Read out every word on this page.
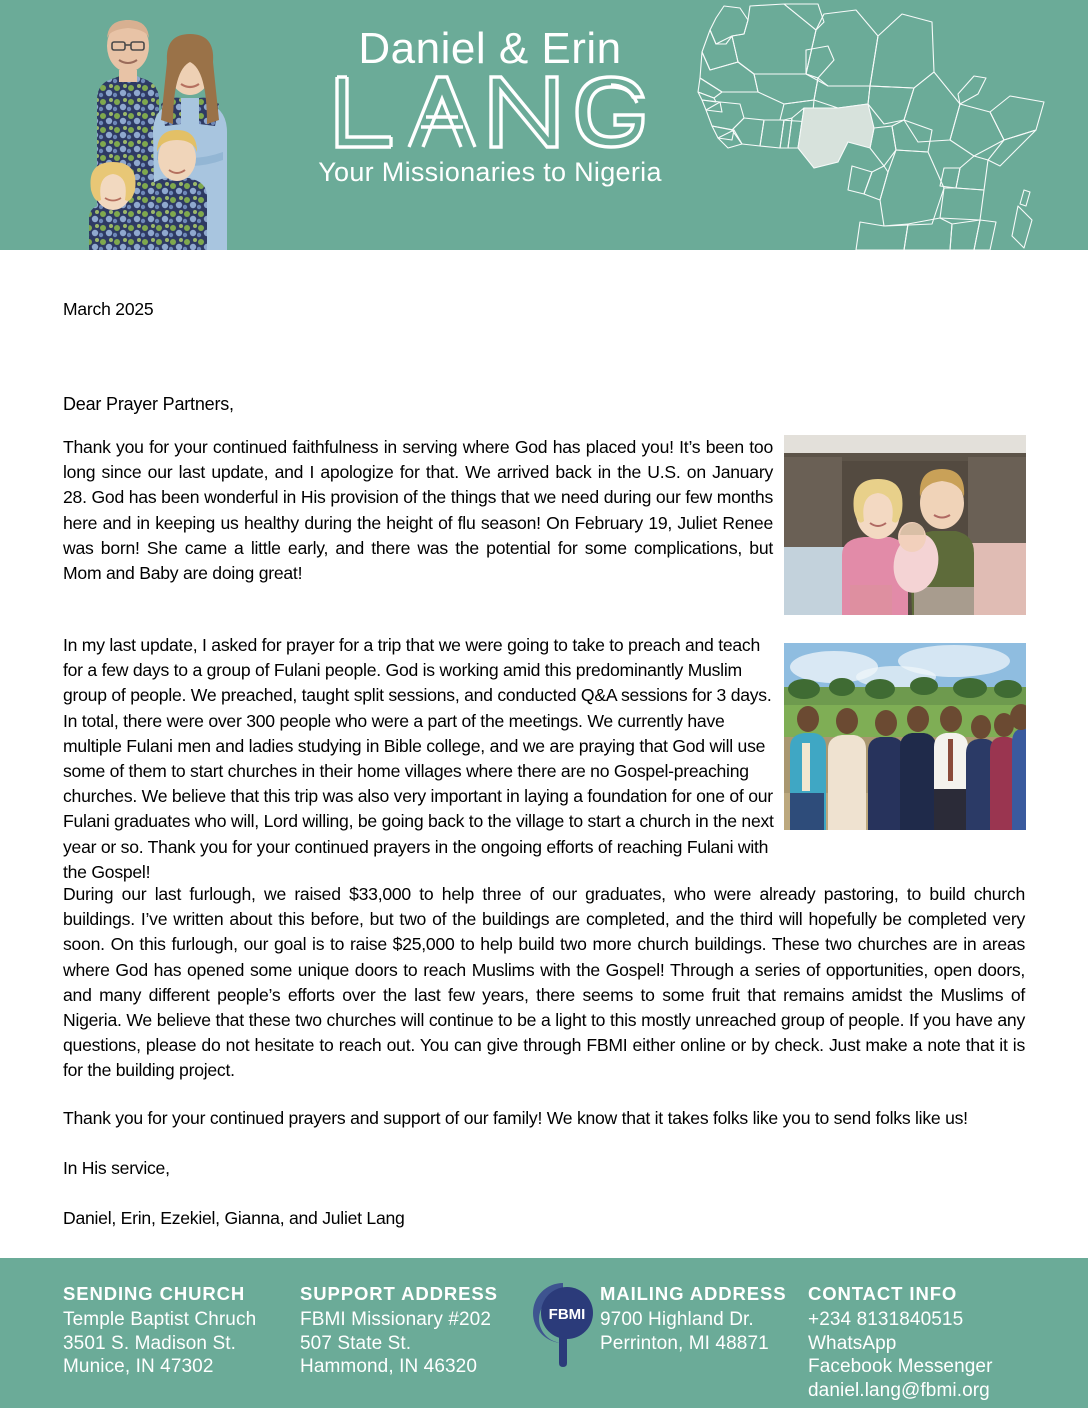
Daniel & Erin
Your Missionaries to Nigeria
March 2025
Dear Prayer Partners,
Thank you for your continued faithfulness in serving where God has placed you! It’s been too long since our last update, and I apologize for that. We arrived back in the U.S. on January 28. God has been wonderful in His provision of the things that we need during our few months here and in keeping us healthy during the height of flu season! On February 19, Juliet Renee was born! She came a little early, and there was the potential for some complications, but Mom and Baby are doing great!
In my last update, I asked for prayer for a trip that we were going to take to preach and teach for a few days to a group of Fulani people. God is working amid this predominantly Muslim group of people. We preached, taught split sessions, and conducted Q&A sessions for 3 days. In total, there were over 300 people who were a part of the meetings. We currently have multiple Fulani men and ladies studying in Bible college, and we are praying that God will use some of them to start churches in their home villages where there are no Gospel-preaching churches. We believe that this trip was also very important in laying a foundation for one of our Fulani graduates who will, Lord willing, be going back to the village to start a church in the next year or so. Thank you for your continued prayers in the ongoing efforts of reaching Fulani with the Gospel!
During our last furlough, we raised $33,000 to help three of our graduates, who were already pastoring, to build church buildings. I’ve written about this before, but two of the buildings are completed, and the third will hopefully be completed very soon. On this furlough, our goal is to raise $25,000 to help build two more church buildings. These two churches are in areas where God has opened some unique doors to reach Muslims with the Gospel! Through a series of opportunities, open doors, and many different people’s efforts over the last few years, there seems to some fruit that remains amidst the Muslims of Nigeria. We believe that these two churches will continue to be a light to this mostly unreached group of people. If you have any questions, please do not hesitate to reach out. You can give through FBMI either online or by check. Just make a note that it is for the building project.
Thank you for your continued prayers and support of our family! We know that it takes folks like you to send folks like us!
In His service,
Daniel, Erin, Ezekiel, Gianna, and Juliet Lang
SENDING CHURCH
Temple Baptist Chruch
3501 S. Madison St.
Munice, IN 47302
SUPPORT ADDRESS
FBMI Missionary #202
507 State St.
Hammond, IN 46320
MAILING ADDRESS
9700 Highland Dr.
Perrinton, MI 48871
CONTACT INFO
+234 8131840515
WhatsApp
Facebook Messenger
daniel.lang@fbmi.org
FBMI
